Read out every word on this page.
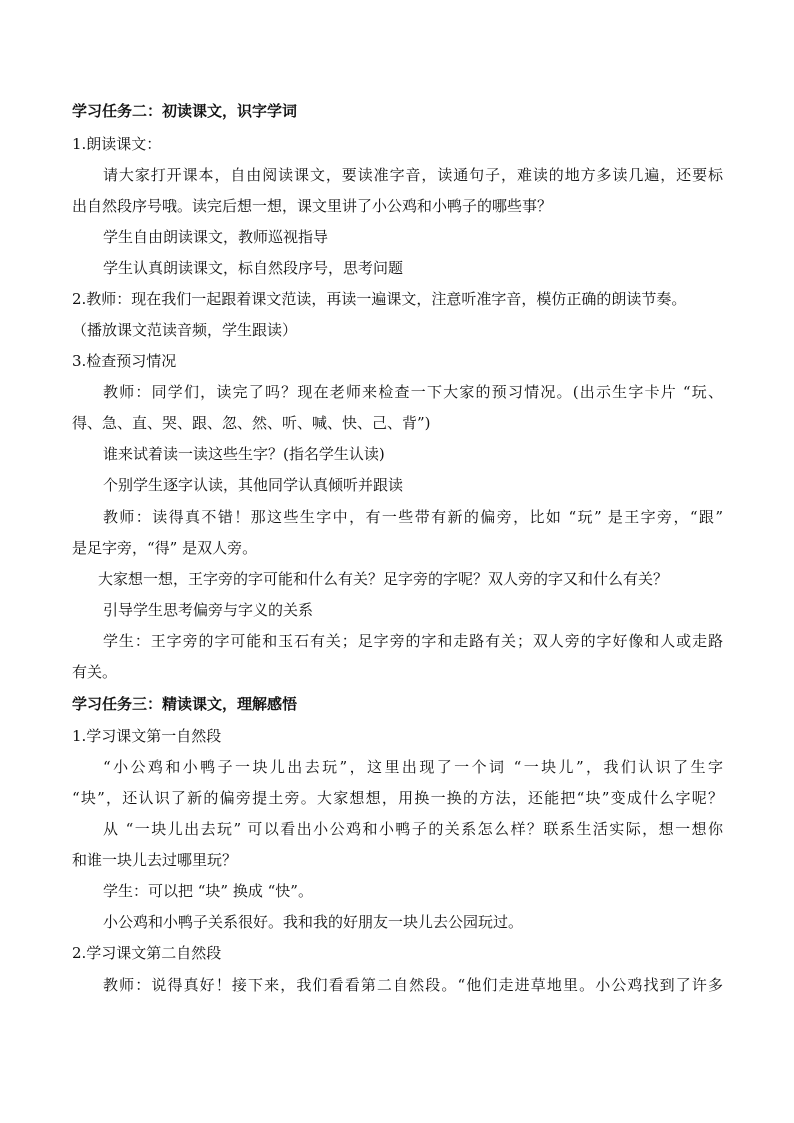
学习任务二：初读课文，识字学词
1.朗读课文：
请大家打开课本，自由阅读课文，要读准字音，读通句子，难读的地方多读几遍，还要标
出自然段序号哦。读完后想一想，课文里讲了小公鸡和小鸭子的哪些事？
学生自由朗读课文，教师巡视指导
学生认真朗读课文，标自然段序号，思考问题
2.教师：现在我们一起跟着课文范读，再读一遍课文，注意听准字音，模仿正确的朗读节奏。
（播放课文范读音频，学生跟读）
3.检查预习情况
教师：同学们，读完了吗？现在老师来检查一下大家的预习情况。(出示生字卡片 “玩、
得、急、直、哭、跟、忽、然、听、喊、快、己、背”)
谁来试着读一读这些生字？(指名学生认读)
个别学生逐字认读，其他同学认真倾听并跟读
教师：读得真不错！那这些生字中，有一些带有新的偏旁，比如 “玩” 是王字旁，“跟”
是足字旁，“得” 是双人旁。
大家想一想，王字旁的字可能和什么有关？足字旁的字呢？双人旁的字又和什么有关？
引导学生思考偏旁与字义的关系
学生：王字旁的字可能和玉石有关；足字旁的字和走路有关；双人旁的字好像和人或走路
有关。
学习任务三：精读课文，理解感悟
1.学习课文第一自然段
“小公鸡和小鸭子一块儿出去玩”，这里出现了一个词 “一块儿”，我们认识了生字
“块”，还认识了新的偏旁提土旁。大家想想，用换一换的方法，还能把“块”变成什么字呢？
从 “一块儿出去玩” 可以看出小公鸡和小鸭子的关系怎么样？联系生活实际，想一想你
和谁一块儿去过哪里玩？
学生：可以把 “块” 换成 “快”。
小公鸡和小鸭子关系很好。我和我的好朋友一块儿去公园玩过。
2.学习课文第二自然段
教师：说得真好！接下来，我们看看第二自然段。“他们走进草地里。小公鸡找到了许多
